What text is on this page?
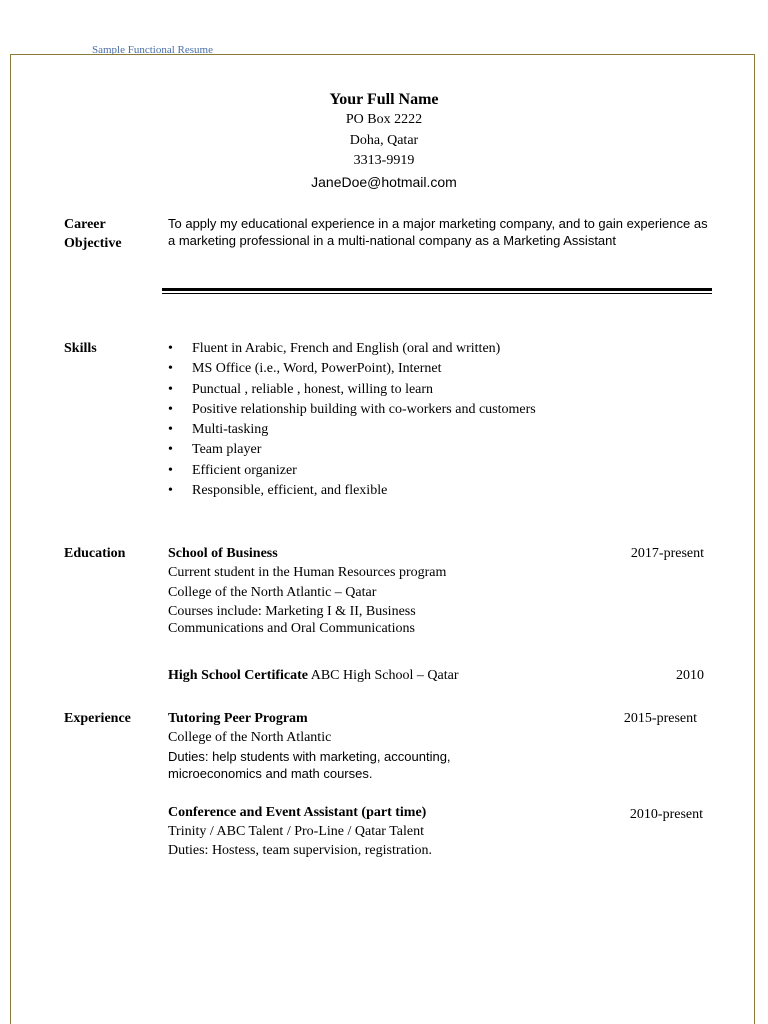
Sample Functional Resume
Your Full Name
PO Box 2222
Doha, Qatar
3313-9919
JaneDoe@hotmail.com
Career
Objective
To apply my educational experience in a major marketing company, and to gain experience as a marketing professional in a multi-national company as a Marketing Assistant
Skills	• Fluent in Arabic, French and English (oral and written)
• MS Office (i.e., Word, PowerPoint), Internet
• Punctual , reliable , honest, willing to learn
• Positive relationship building with co-workers and customers
• Multi-tasking
• Team player
• Efficient organizer
• Responsible, efficient, and flexible
Education	School of Business	2017-present
Current student in the Human Resources program
College of the North Atlantic – Qatar
Courses include: Marketing I & II, Business
Communications and Oral Communications
High School Certificate ABC High School – Qatar	2010
Experience	Tutoring Peer Program	2015-present
College of the North Atlantic
Duties: help students with marketing, accounting,
microeconomics and math courses.
Conference and Event Assistant (part time)	2010-present
Trinity / ABC Talent / Pro-Line / Qatar Talent
Duties: Hostess, team supervision, registration.
